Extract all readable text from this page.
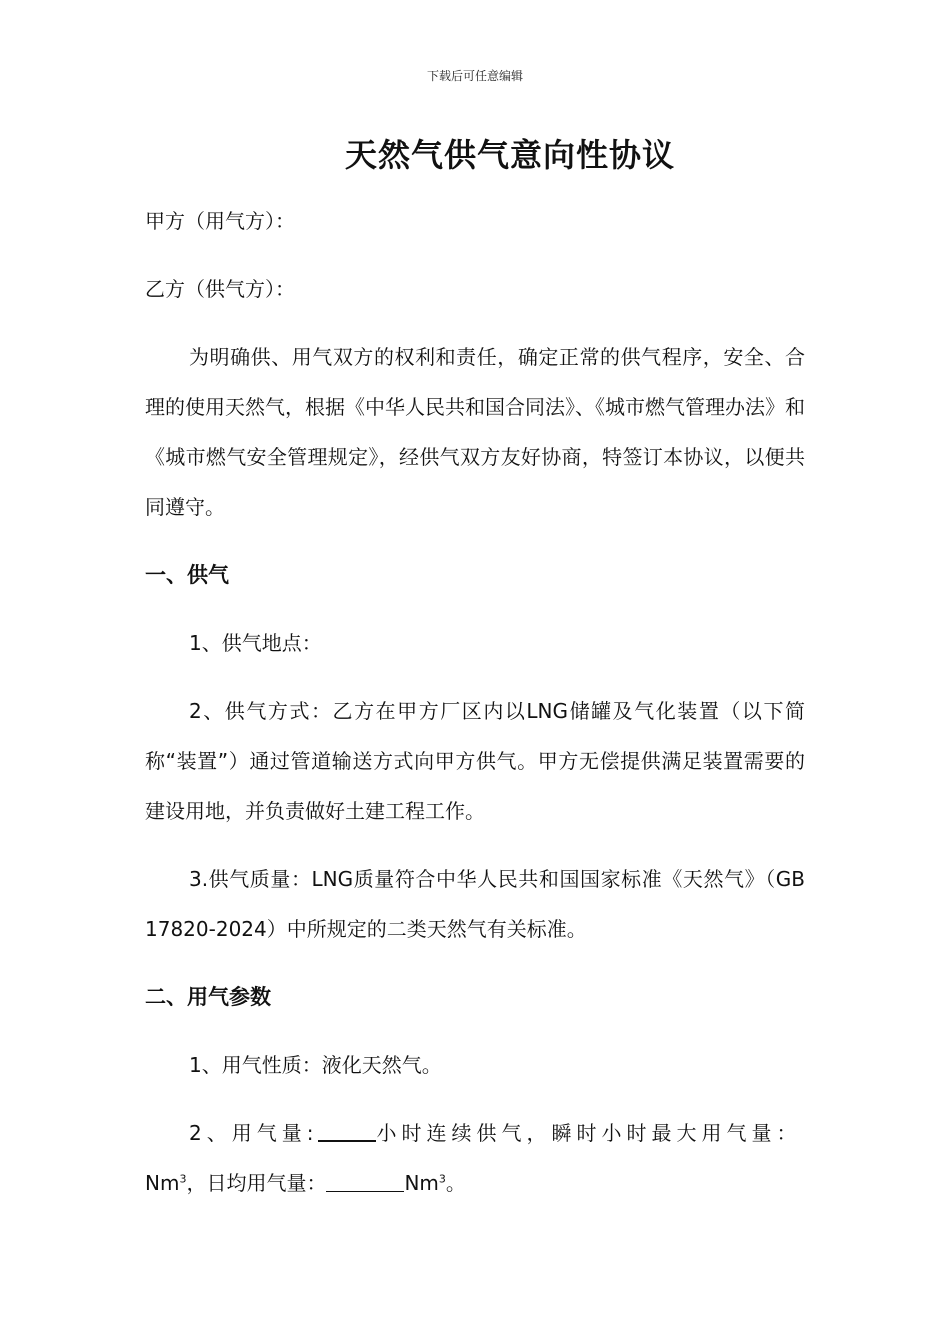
下载后可任意编辑
天然气供气意向性协议
甲方（用气方）：
乙方（供气方）：
为明确供、用气双方的权利和责任，确定正常的供气程序，安全、合理的使用天然气，根据《中华人民共和国合同法》、《城市燃气管理办法》和《城市燃气安全管理规定》，经供气双方友好协商，特签订本协议，以便共同遵守。
一、供气
1、供气地点：
2、供气方式：乙方在甲方厂区内以LNG储罐及气化装置（以下简称“装置”）通过管道输送方式向甲方供气。甲方无偿提供满足装置需要的建设用地，并负责做好土建工程工作。
3.供气质量：LNG质量符合中华人民共和国国家标准《天然气》（GB 17820-2024）中所规定的二类天然气有关标准。
二、用气参数
1、用气性质：液化天然气。
2、用气量:	小时连续供气，瞬时小时最大用气量：
Nm$^3$，日均用气量：	Nm$^3$。
